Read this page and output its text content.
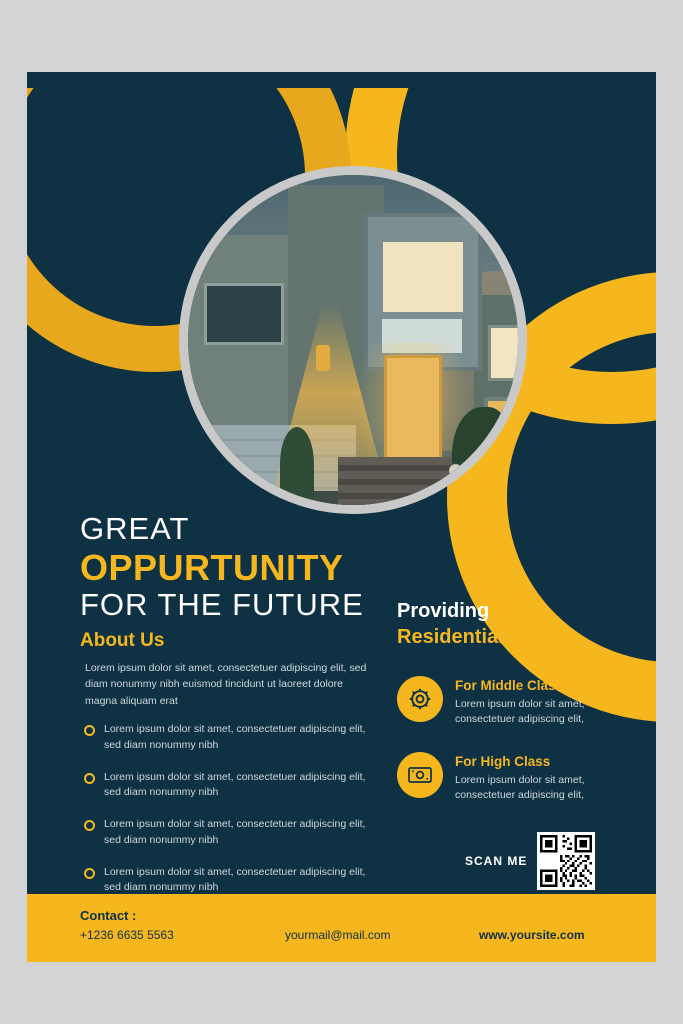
GREAT
OPPURTUNITY
FOR THE FUTURE
About Us
Lorem ipsum dolor sit amet, consectetuer adipiscing elit, sed diam nonummy nibh euismod tincidunt ut laoreet dolore magna aliquam erat
Lorem ipsum dolor sit amet, consectetuer adipiscing elit, sed diam nonummy nibh
Lorem ipsum dolor sit amet, consectetuer adipiscing elit, sed diam nonummy nibh
Lorem ipsum dolor sit amet, consectetuer adipiscing elit, sed diam nonummy nibh
Lorem ipsum dolor sit amet, consectetuer adipiscing elit, sed diam nonummy nibh
Providing
Residential Service
For Middle Class
Lorem ipsum dolor sit amet, consectetuer adipiscing elit,
For High Class
Lorem ipsum dolor sit amet, consectetuer adipiscing elit,
SCAN ME
Contact :
+1236 6635 5563	yourmail@mail.com	www.yoursite.com
